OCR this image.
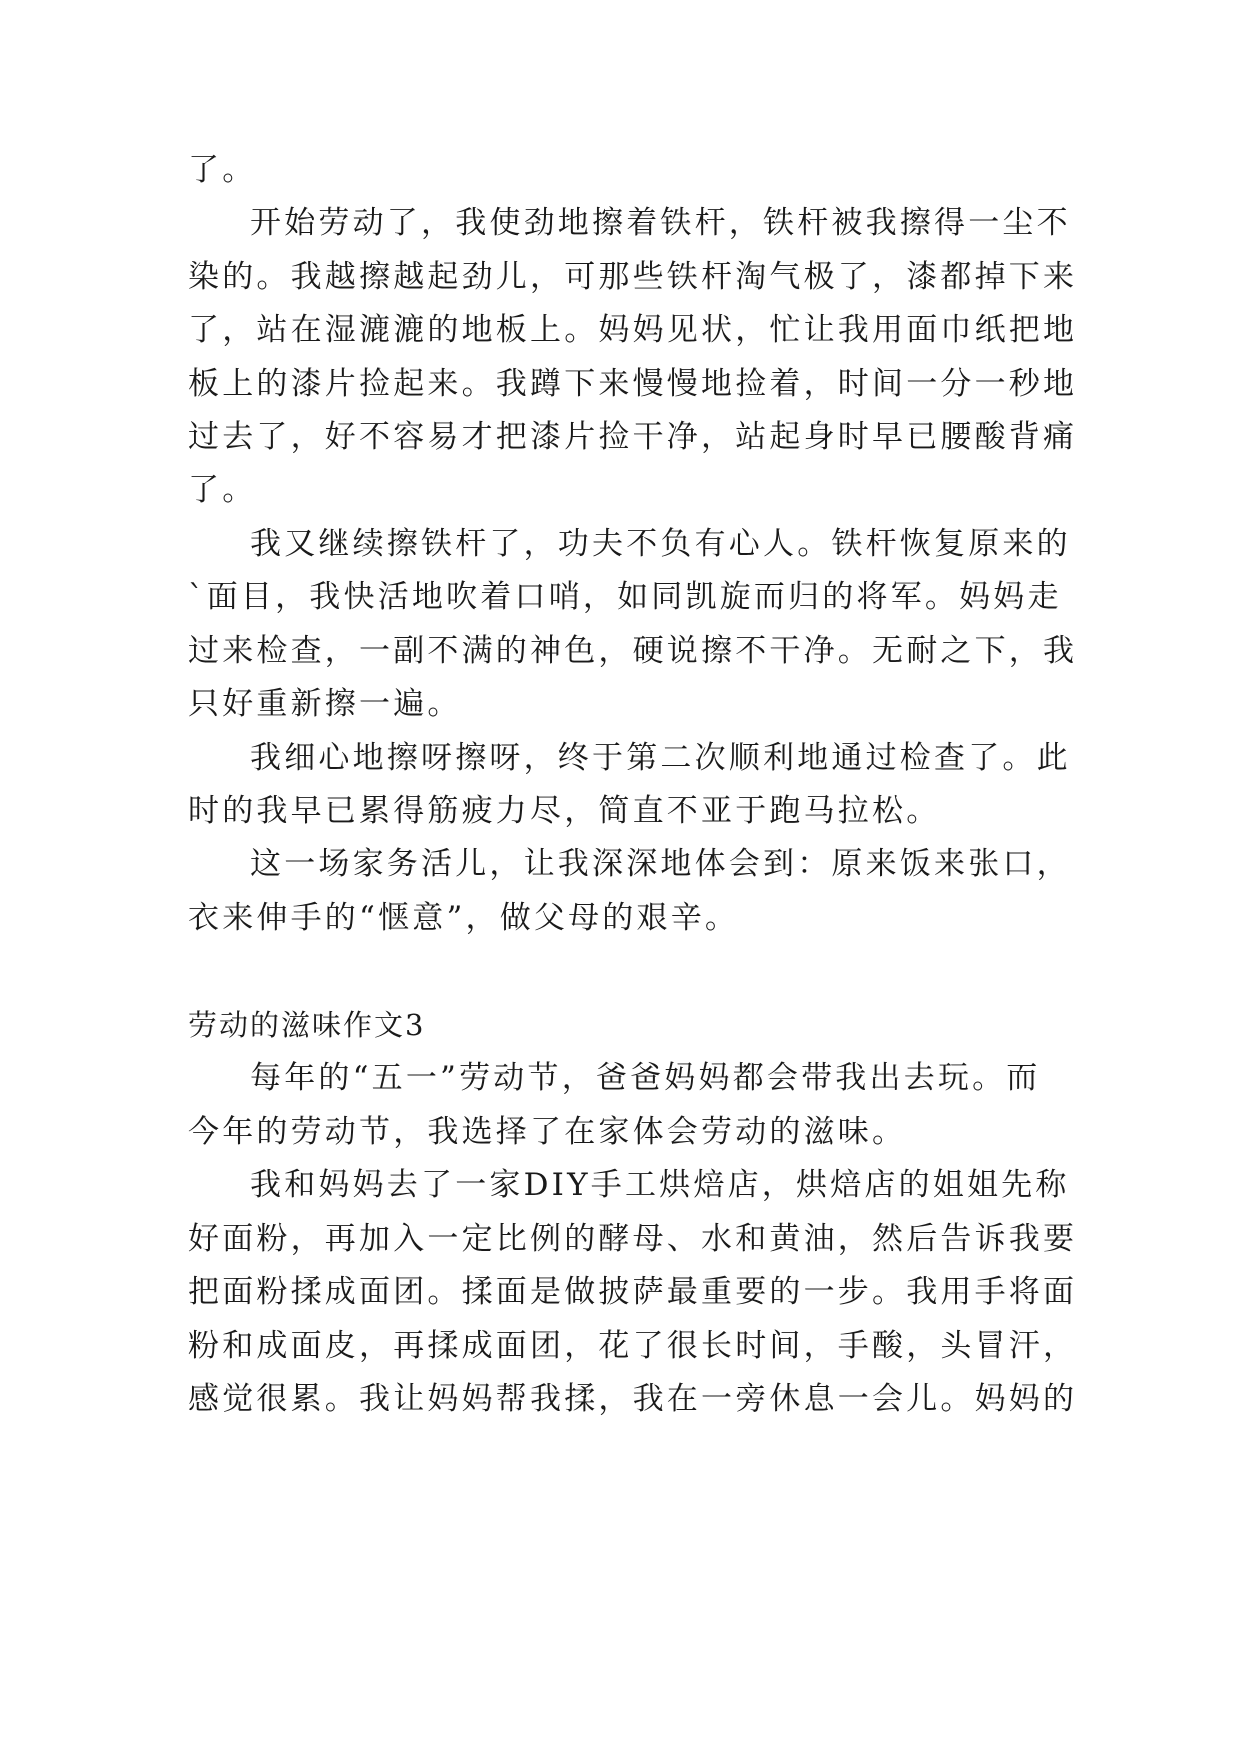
了。
开始劳动了，我使劲地擦着铁杆，铁杆被我擦得一尘不
染的。我越擦越起劲儿，可那些铁杆淘气极了，漆都掉下来
了，站在湿漉漉的地板上。妈妈见状，忙让我用面巾纸把地
板上的漆片捡起来。我蹲下来慢慢地捡着，时间一分一秒地
过去了，好不容易才把漆片捡干净，站起身时早已腰酸背痛
了。
我又继续擦铁杆了，功夫不负有心人。铁杆恢复原来的
`面目，我快活地吹着口哨，如同凯旋而归的将军。妈妈走
过来检查，一副不满的神色，硬说擦不干净。无耐之下，我
只好重新擦一遍。
我细心地擦呀擦呀，终于第二次顺利地通过检查了。此
时的我早已累得筋疲力尽，简直不亚于跑马拉松。
这一场家务活儿，让我深深地体会到：原来饭来张口，
衣来伸手的“惬意”，做父母的艰辛。
劳动的滋味作文3
每年的“五一”劳动节，爸爸妈妈都会带我出去玩。而
今年的劳动节，我选择了在家体会劳动的滋味。
我和妈妈去了一家DIY手工烘焙店，烘焙店的姐姐先称
好面粉，再加入一定比例的酵母、水和黄油，然后告诉我要
把面粉揉成面团。揉面是做披萨最重要的一步。我用手将面
粉和成面皮，再揉成面团，花了很长时间，手酸，头冒汗，
感觉很累。我让妈妈帮我揉，我在一旁休息一会儿。妈妈的
